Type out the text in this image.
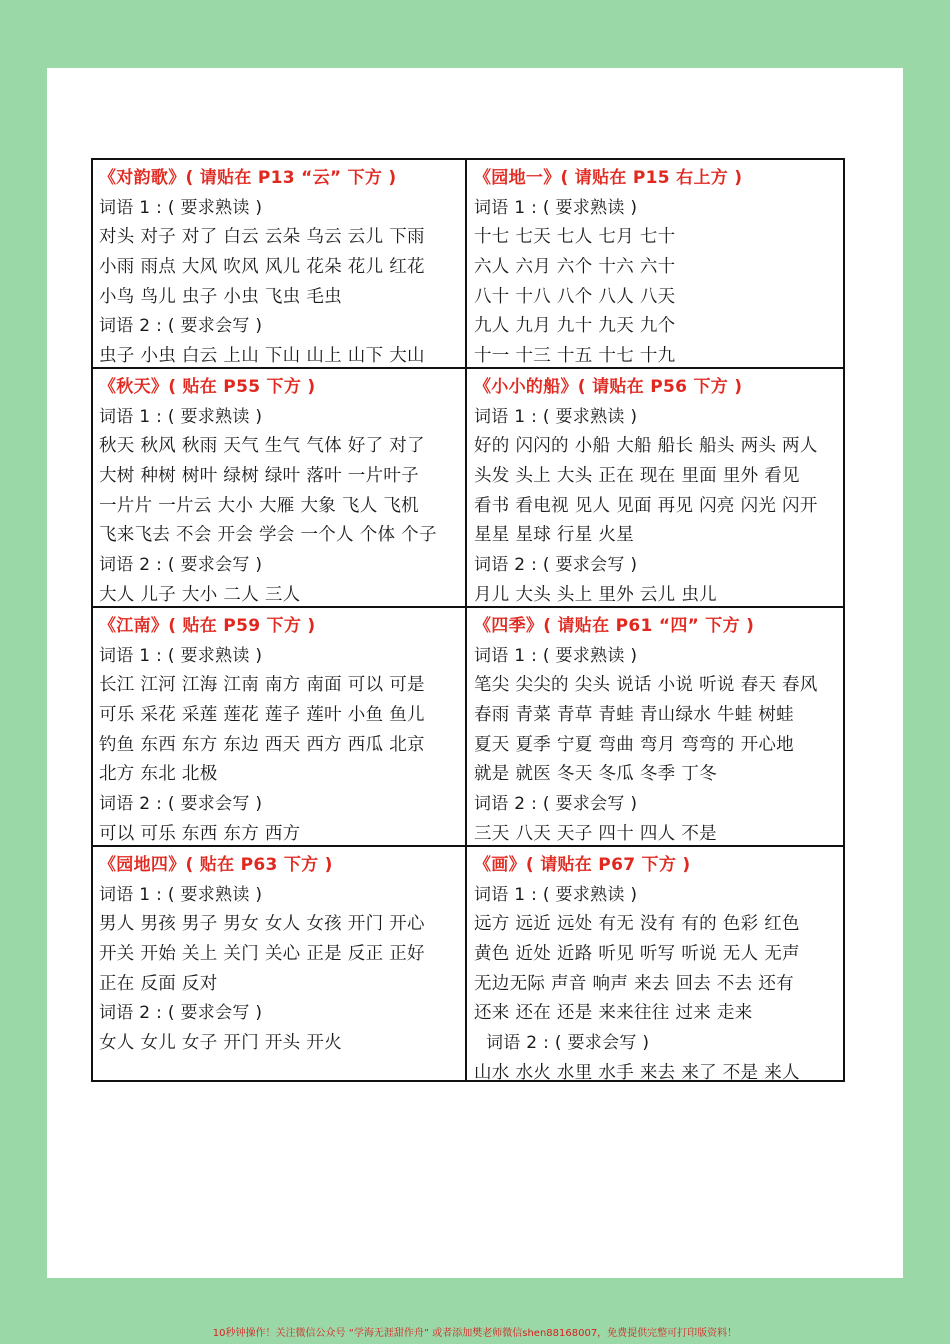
《对韵歌》( 请贴在 P13 “云” 下方 )
词语 1 : ( 要求熟读 )
对头 对子 对了 白云 云朵 乌云 云儿 下雨
小雨 雨点 大风 吹风 风儿 花朵 花儿 红花
小鸟 鸟儿 虫子 小虫 飞虫 毛虫
词语 2 : ( 要求会写 )
虫子 小虫 白云 上山 下山 山上 山下 大山
《园地一》( 请贴在 P15 右上方 )
词语 1 : ( 要求熟读 )
十七 七天 七人 七月 七十
六人 六月 六个 十六 六十
八十 十八 八个 八人 八天
九人 九月 九十 九天 九个
十一 十三 十五 十七 十九
《秋天》( 贴在 P55 下方 )
词语 1 : ( 要求熟读 )
秋天 秋风 秋雨 天气 生气 气体 好了 对了
大树 种树 树叶 绿树 绿叶 落叶 一片叶子
一片片 一片云 大小 大雁 大象 飞人 飞机
飞来飞去 不会 开会 学会 一个人 个体 个子
词语 2 : ( 要求会写 )
大人 儿子 大小 二人 三人
《小小的船》( 请贴在 P56 下方 )
词语 1 : ( 要求熟读 )
好的 闪闪的 小船 大船 船长 船头 两头 两人
头发 头上 大头 正在 现在 里面 里外 看见
看书 看电视 见人 见面 再见 闪亮 闪光 闪开
星星 星球 行星 火星
词语 2 : ( 要求会写 )
月儿 大头 头上 里外 云儿 虫儿
《江南》( 贴在 P59 下方 )
词语 1 : ( 要求熟读 )
长江 江河 江海 江南 南方 南面 可以 可是
可乐 采花 采莲 莲花 莲子 莲叶 小鱼 鱼儿
钓鱼 东西 东方 东边 西天 西方 西瓜 北京
北方 东北 北极
词语 2 : ( 要求会写 )
可以 可乐 东西 东方 西方
《四季》( 请贴在 P61 “四” 下方 )
词语 1 : ( 要求熟读 )
笔尖 尖尖的 尖头 说话 小说 听说 春天 春风
春雨 青菜 青草 青蛙 青山绿水 牛蛙 树蛙
夏天 夏季 宁夏 弯曲 弯月 弯弯的 开心地
就是 就医 冬天 冬瓜 冬季 丁冬
词语 2 : ( 要求会写 )
三天 八天 天子 四十 四人 不是
《园地四》( 贴在 P63 下方 )
词语 1 : ( 要求熟读 )
男人 男孩 男子 男女 女人 女孩 开门 开心
开关 开始 关上 关门 关心 正是 反正 正好
正在 反面 反对
词语 2 : ( 要求会写 )
女人 女儿 女子 开门 开头 开火
《画》( 请贴在 P67 下方 )
词语 1 : ( 要求熟读 )
远方 远近 远处 有无 没有 有的 色彩 红色
黄色 近处 近路 听见 听写 听说 无人 无声
无边无际 声音 响声 来去 回去 不去 还有
还来 还在 还是 来来往往 过来 走来
词语 2 : ( 要求会写 )
山水 水火 水里 水手 来去 来了 不是 来人
10秒钟操作！关注微信公众号 “学海无涯甜作舟” 或者添加樊老师微信shen88168007，免费提供完整可打印版资料！
